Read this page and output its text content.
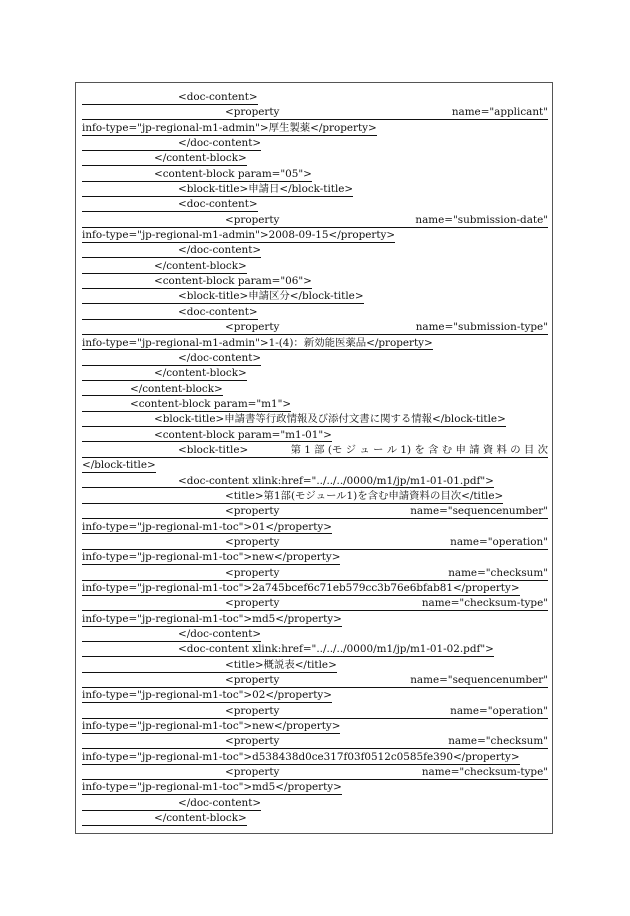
<doc-content>
<property	name="applicant"
info-type="jp-regional-m1-admin">厚生製薬</property>
</doc-content>
</content-block>
<content-block param="05">
<block-title>申請日</block-title>
<doc-content>
<property	name="submission-date"
info-type="jp-regional-m1-admin">2008-09-15</property>
</doc-content>
</content-block>
<content-block param="06">
<block-title>申請区分</block-title>
<doc-content>
<property	name="submission-type"
info-type="jp-regional-m1-admin">1-(4)：新効能医薬品</property>
</doc-content>
</content-block>
</content-block>
<content-block param="m1">
<block-title>申請書等行政情報及び添付文書に関する情報</block-title>
<content-block param="m1-01">
<block-title>	第 1 部 (モ ジ ュ ー ル 1) を 含 む 申 請 資 料 の 目 次
</block-title>
<doc-content xlink:href="../../../0000/m1/jp/m1-01-01.pdf">
<title>第1部(モジュール1)を含む申請資料の目次</title>
<property	name="sequencenumber"
info-type="jp-regional-m1-toc">01</property>
<property	name="operation"
info-type="jp-regional-m1-toc">new</property>
<property	name="checksum"
info-type="jp-regional-m1-toc">2a745bcef6c71eb579cc3b76e6bfab81</property>
<property	name="checksum-type"
info-type="jp-regional-m1-toc">md5</property>
</doc-content>
<doc-content xlink:href="../../../0000/m1/jp/m1-01-02.pdf">
<title>概説表</title>
<property	name="sequencenumber"
info-type="jp-regional-m1-toc">02</property>
<property	name="operation"
info-type="jp-regional-m1-toc">new</property>
<property	name="checksum"
info-type="jp-regional-m1-toc">d538438d0ce317f03f0512c0585fe390</property>
<property	name="checksum-type"
info-type="jp-regional-m1-toc">md5</property>
</doc-content>
</content-block>
